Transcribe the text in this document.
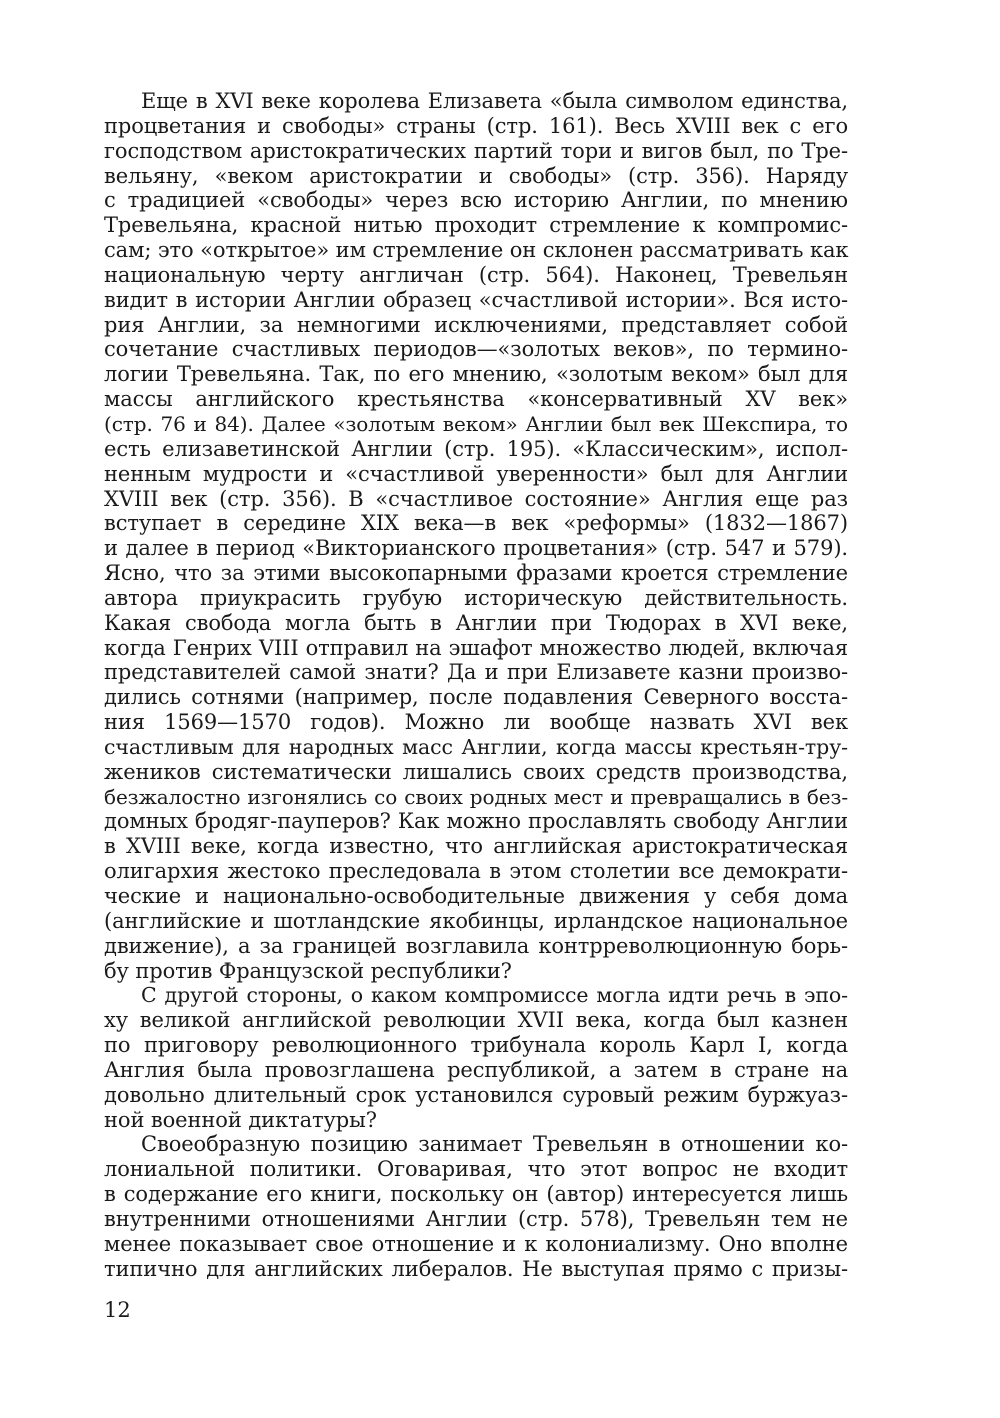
Еще в XVI веке королева Елизавета «была символом единства,
процветания и свободы» страны (стр. 161). Весь XVIII век с его
господством аристократических партий тори и вигов был, по Тре-
вельяну, «веком аристократии и свободы» (стр. 356). Наряду
с традицией «свободы» через всю историю Англии, по мнению
Тревельяна, красной нитью проходит стремление к компромис-
сам; это «открытое» им стремление он склонен рассматривать как
национальную черту англичан (стр. 564). Наконец, Тревельян
видит в истории Англии образец «счастливой истории». Вся исто-
рия Англии, за немногими исключениями, представляет собой
сочетание счастливых периодов—«золотых веков», по термино-
логии Тревельяна. Так, по его мнению, «золотым веком» был для
массы английского крестьянства «консервативный XV век»
(стр. 76 и 84). Далее «золотым веком» Англии был век Шекспира, то
есть елизаветинской Англии (стр. 195). «Классическим», испол-
ненным мудрости и «счастливой уверенности» был для Англии
XVIII век (стр. 356). В «счастливое состояние» Англия еще раз
вступает в середине XIX века—в век «реформы» (1832—1867)
и далее в период «Викторианского процветания» (стр. 547 и 579).
Ясно, что за этими высокопарными фразами кроется стремление
автора приукрасить грубую историческую действительность.
Какая свобода могла быть в Англии при Тюдорах в XVI веке,
когда Генрих VIII отправил на эшафот множество людей, включая
представителей самой знати? Да и при Елизавете казни произво-
дились сотнями (например, после подавления Северного восста-
ния 1569—1570 годов). Можно ли вообще назвать XVI век
счастливым для народных масс Англии, когда массы крестьян-тру-
жеников систематически лишались своих средств производства,
безжалостно изгонялись со своих родных мест и превращались в без-
домных бродяг-пауперов? Как можно прославлять свободу Англии
в XVIII веке, когда известно, что английская аристократическая
олигархия жестоко преследовала в этом столетии все демократи-
ческие и национально-освободительные движения у себя дома
(английские и шотландские якобинцы, ирландское национальное
движение), а за границей возглавила контрреволюционную борь-
бу против Французской республики?
С другой стороны, о каком компромиссе могла идти речь в эпо-
ху великой английской революции XVII века, когда был казнен
по приговору революционного трибунала король Карл I, когда
Англия была провозглашена республикой, а затем в стране на
довольно длительный срок установился суровый режим буржуаз-
ной военной диктатуры?
Своеобразную позицию занимает Тревельян в отношении ко-
лониальной политики. Оговаривая, что этот вопрос не входит
в содержание его книги, поскольку он (автор) интересуется лишь
внутренними отношениями Англии (стр. 578), Тревельян тем не
менее показывает свое отношение и к колониализму. Оно вполне
типично для английских либералов. Не выступая прямо с призы-
12
